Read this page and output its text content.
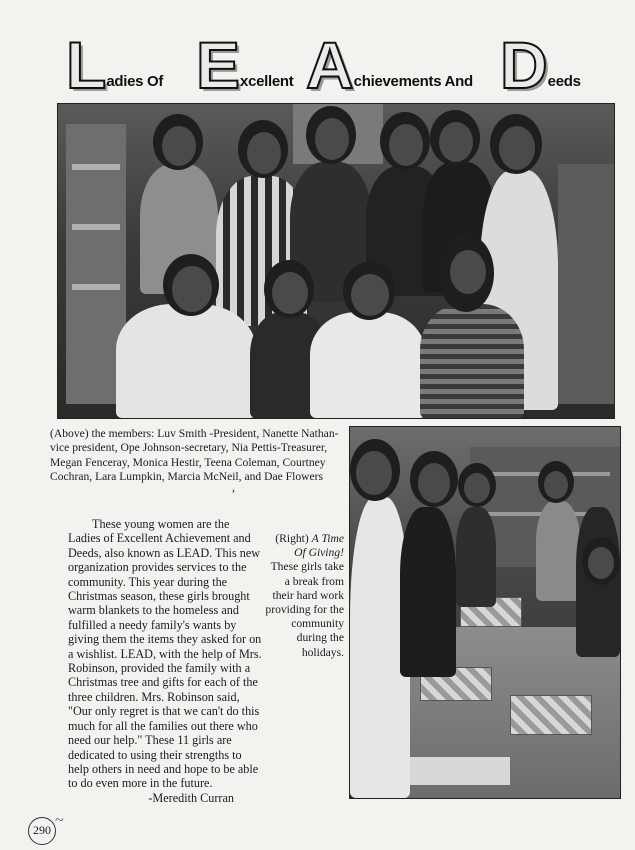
Ladies Of Excellent Achievements And Deeds
(Above) the members: Luv Smith -President, Nanette Nathan-vice president, Ope Johnson-secretary, Nia Pettis-Treasurer, Megan Fenceray, Monica Hestir, Teena Coleman, Courtney Cochran, Lara Lumpkin, Marcia McNeil, and Dae Flowers
,

These young women are the Ladies of Excellent Achievement and Deeds, also known as LEAD. This new organization provides services to the community. This year during the Christmas season, these girls brought warm blankets to the homeless and fulfilled a needy family's wants by giving them the items they asked for on a wishlist. LEAD, with the help of Mrs. Robinson, provided the family with a Christmas tree and gifts for each of the three children. Mrs. Robinson said, "Our only regret is that we can't do this much for all the families out there who need our help." These 11 girls are dedicated to using their strengths to help others in need and hope to be able to do even more in the future.

-Meredith Curran
(Right) A Time Of Giving! These girls take a break from their hard work providing for the community during the holidays.
290
~
